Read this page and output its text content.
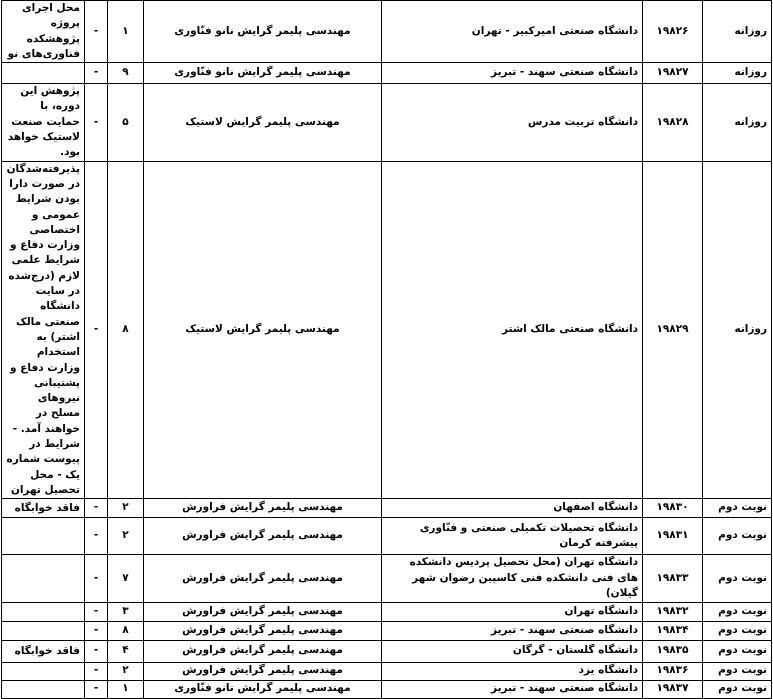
روزانه	۱۹۸۲۶	دانشگاه صنعتی امیرکبیر - تهران	مهندسی پلیمر گرایش نانو فنّاوری	۱	-	محل اجرای پروژه پژوهشکده فناوری‌های نو
روزانه	۱۹۸۲۷	دانشگاه صنعتی سهند - تبریز	مهندسی پلیمر گرایش نانو فنّاوری	۹	-	
روزانه	۱۹۸۲۸	دانشگاه تربیت مدرس	مهندسی پلیمر گرایش لاستیک	۵	-	پژوهش این دوره، با حمایت صنعت لاستیک خواهد بود.
روزانه	۱۹۸۲۹	دانشگاه صنعتی مالک اشتر	مهندسی پلیمر گرایش لاستیک	۸	-	پذیرفته‌شدگان در صورت دارا بودن شرایط عمومی و اختصاصی وزارت دفاع و شرایط علمی لازم (درج‌شده در سایت دانشگاه صنعتی مالک اشتر) به استخدام وزارت دفاع و پشتیبانی نیروهای مسلح در خواهند آمد. - شرایط در پیوست شماره یک - محل تحصیل تهران
نوبت دوم	۱۹۸۳۰	دانشگاه اصفهان	مهندسی پلیمر گرایش فراورش	۲	-	فاقد خوابگاه
نوبت دوم	۱۹۸۳۱	دانشگاه تحصیلات تکمیلی صنعتی و فنّاوری پیشرفته کرمان	مهندسی پلیمر گرایش فراورش	۲	-	
نوبت دوم	۱۹۸۳۳	دانشگاه تهران (محل تحصیل پردیس دانشکده های فنی دانشکده فنی کاسپین رضوان شهر گیلان)	مهندسی پلیمر گرایش فراورش	۷	-	
نوبت دوم	۱۹۸۳۲	دانشگاه تهران	مهندسی پلیمر گرایش فراورش	۳	-	
نوبت دوم	۱۹۸۳۴	دانشگاه صنعتی سهند - تبریز	مهندسی پلیمر گرایش فراورش	۸	-	
نوبت دوم	۱۹۸۳۵	دانشگاه گلستان - گرگان	مهندسی پلیمر گرایش فراورش	۴	-	فاقد خوابگاه
نوبت دوم	۱۹۸۳۶	دانشگاه یزد	مهندسی پلیمر گرایش فراورش	۲	-	
نوبت دوم	۱۹۸۳۷	دانشگاه صنعتی سهند - تبریز	مهندسی پلیمر گرایش نانو فنّاوری	۱	-	
